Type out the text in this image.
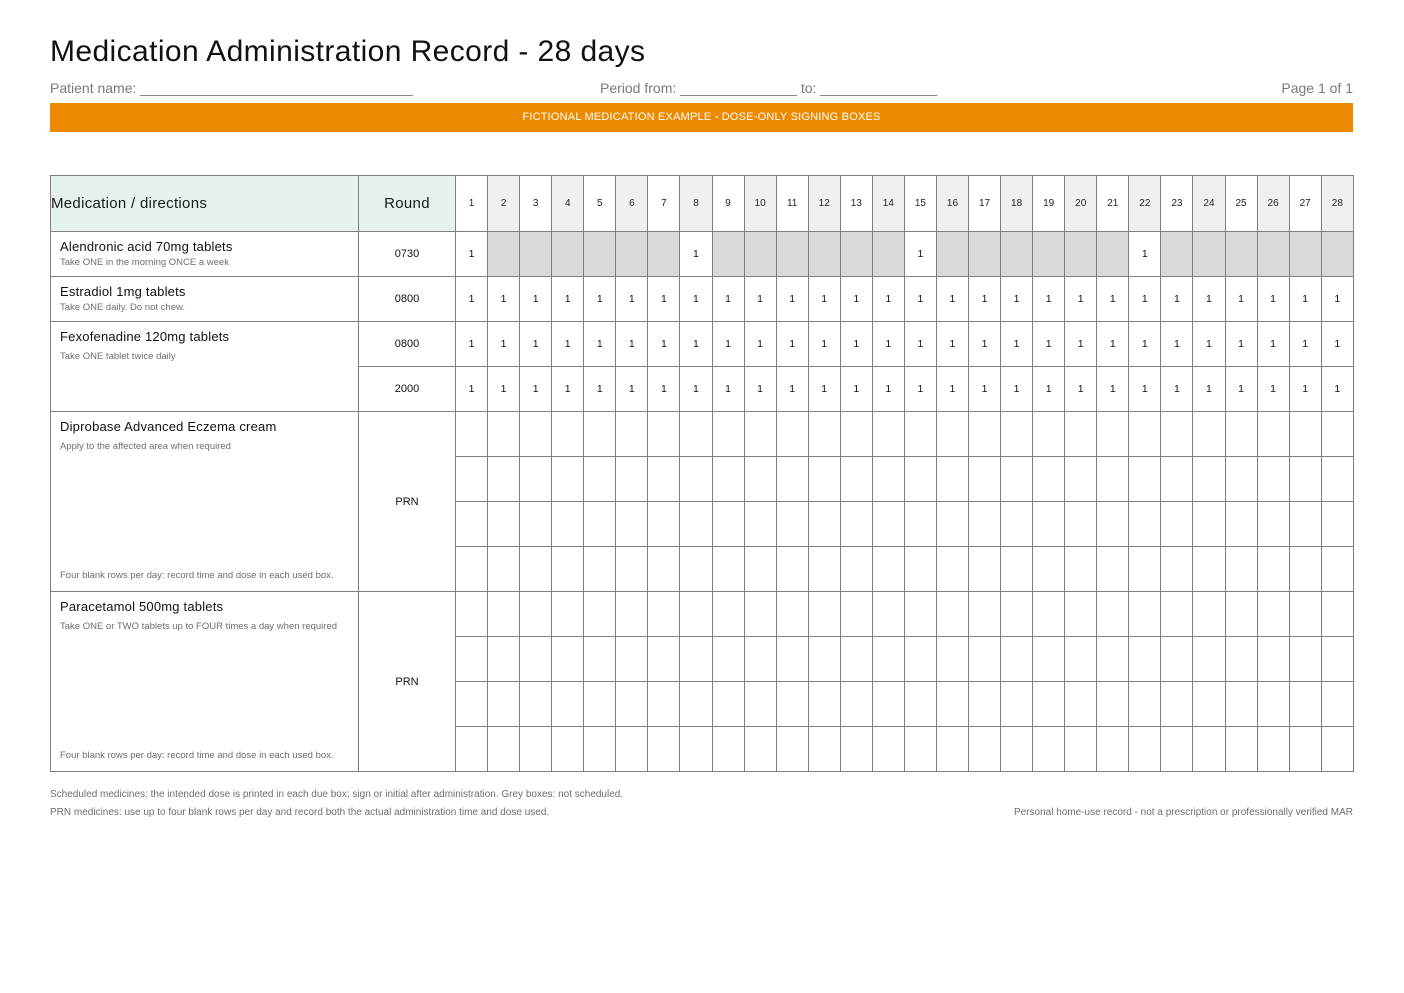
Medication Administration Record - 28 days
Patient name: ___________________________________	Period from: _______________ to: _______________	Page 1 of 1
FICTIONAL MEDICATION EXAMPLE - DOSE-ONLY SIGNING BOXES
Medication / directions	Round	1	2	3	4	5	6	7	8	9	10	11	12	13	14	15	16	17	18	19	20	21	22	23	24	25	26	27	28

Alendronic acid 70mg tablets
Take ONE in the morning ONCE a week	0730	1							1							1							1						

Estradiol 1mg tablets
Take ONE daily. Do not chew.	0800	1	1	1	1	1	1	1	1	1	1	1	1	1	1	1	1	1	1	1	1	1	1	1	1	1	1	1	1

Fexofenadine 120mg tablets
Take ONE tablet twice daily	0800	1	1	1	1	1	1	1	1	1	1	1	1	1	1	1	1	1	1	1	1	1	1	1	1	1	1	1	1
	2000	1	1	1	1	1	1	1	1	1	1	1	1	1	1	1	1	1	1	1	1	1	1	1	1	1	1	1	1

Diprobase Advanced Eczema cream
Apply to the affected area when required
Four blank rows per day: record time and dose in each used box.	PRN																												

Paracetamol 500mg tablets
Take ONE or TWO tablets up to FOUR times a day when required
Four blank rows per day: record time and dose in each used box.	PRN																												

Scheduled medicines: the intended dose is printed in each due box; sign or initial after administration. Grey boxes: not scheduled.
PRN medicines: use up to four blank rows per day and record both the actual administration time and dose used.	Personal home-use record - not a prescription or professionally verified MAR
